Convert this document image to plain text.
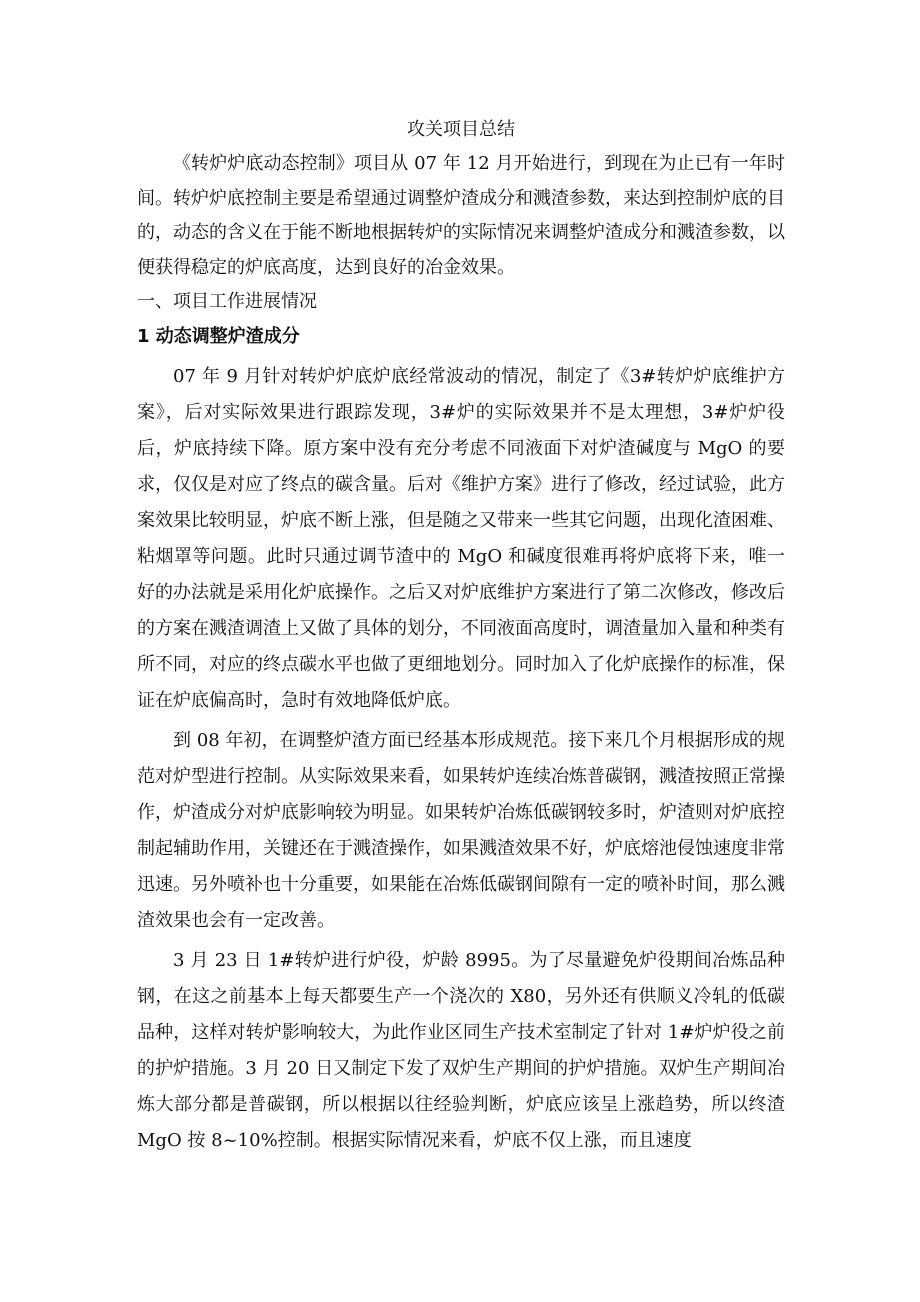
攻关项目总结

《转炉炉底动态控制》项目从 07 年 12 月开始进行，到现在为止已有一年时间。转炉炉底控制主要是希望通过调整炉渣成分和溅渣参数，来达到控制炉底的目的，动态的含义在于能不断地根据转炉的实际情况来调整炉渣成分和溅渣参数，以便获得稳定的炉底高度，达到良好的冶金效果。

一、项目工作进展情况

1 动态调整炉渣成分

07 年 9 月针对转炉炉底炉底经常波动的情况，制定了《3#转炉炉底维护方案》，后对实际效果进行跟踪发现，3#炉的实际效果并不是太理想，3#炉炉役后，炉底持续下降。原方案中没有充分考虑不同液面下对炉渣碱度与 MgO 的要求，仅仅是对应了终点的碳含量。后对《维护方案》进行了修改，经过试验，此方案效果比较明显，炉底不断上涨，但是随之又带来一些其它问题，出现化渣困难、粘烟罩等问题。此时只通过调节渣中的 MgO 和碱度很难再将炉底将下来，唯一好的办法就是采用化炉底操作。之后又对炉底维护方案进行了第二次修改，修改后的方案在溅渣调渣上又做了具体的划分，不同液面高度时，调渣量加入量和种类有所不同，对应的终点碳水平也做了更细地划分。同时加入了化炉底操作的标准，保证在炉底偏高时，急时有效地降低炉底。

到 08 年初，在调整炉渣方面已经基本形成规范。接下来几个月根据形成的规范对炉型进行控制。从实际效果来看，如果转炉连续冶炼普碳钢，溅渣按照正常操作，炉渣成分对炉底影响较为明显。如果转炉冶炼低碳钢较多时，炉渣则对炉底控制起辅助作用，关键还在于溅渣操作，如果溅渣效果不好，炉底熔池侵蚀速度非常迅速。另外喷补也十分重要，如果能在冶炼低碳钢间隙有一定的喷补时间，那么溅渣效果也会有一定改善。

3 月 23 日 1#转炉进行炉役，炉龄 8995。为了尽量避免炉役期间冶炼品种钢，在这之前基本上每天都要生产一个浇次的 X80，另外还有供顺义冷轧的低碳品种，这样对转炉影响较大，为此作业区同生产技术室制定了针对 1#炉炉役之前的护炉措施。3 月 20 日又制定下发了双炉生产期间的护炉措施。双炉生产期间冶炼大部分都是普碳钢，所以根据以往经验判断，炉底应该呈上涨趋势，所以终渣 MgO 按 8~10%控制。根据实际情况来看，炉底不仅上涨，而且速度
